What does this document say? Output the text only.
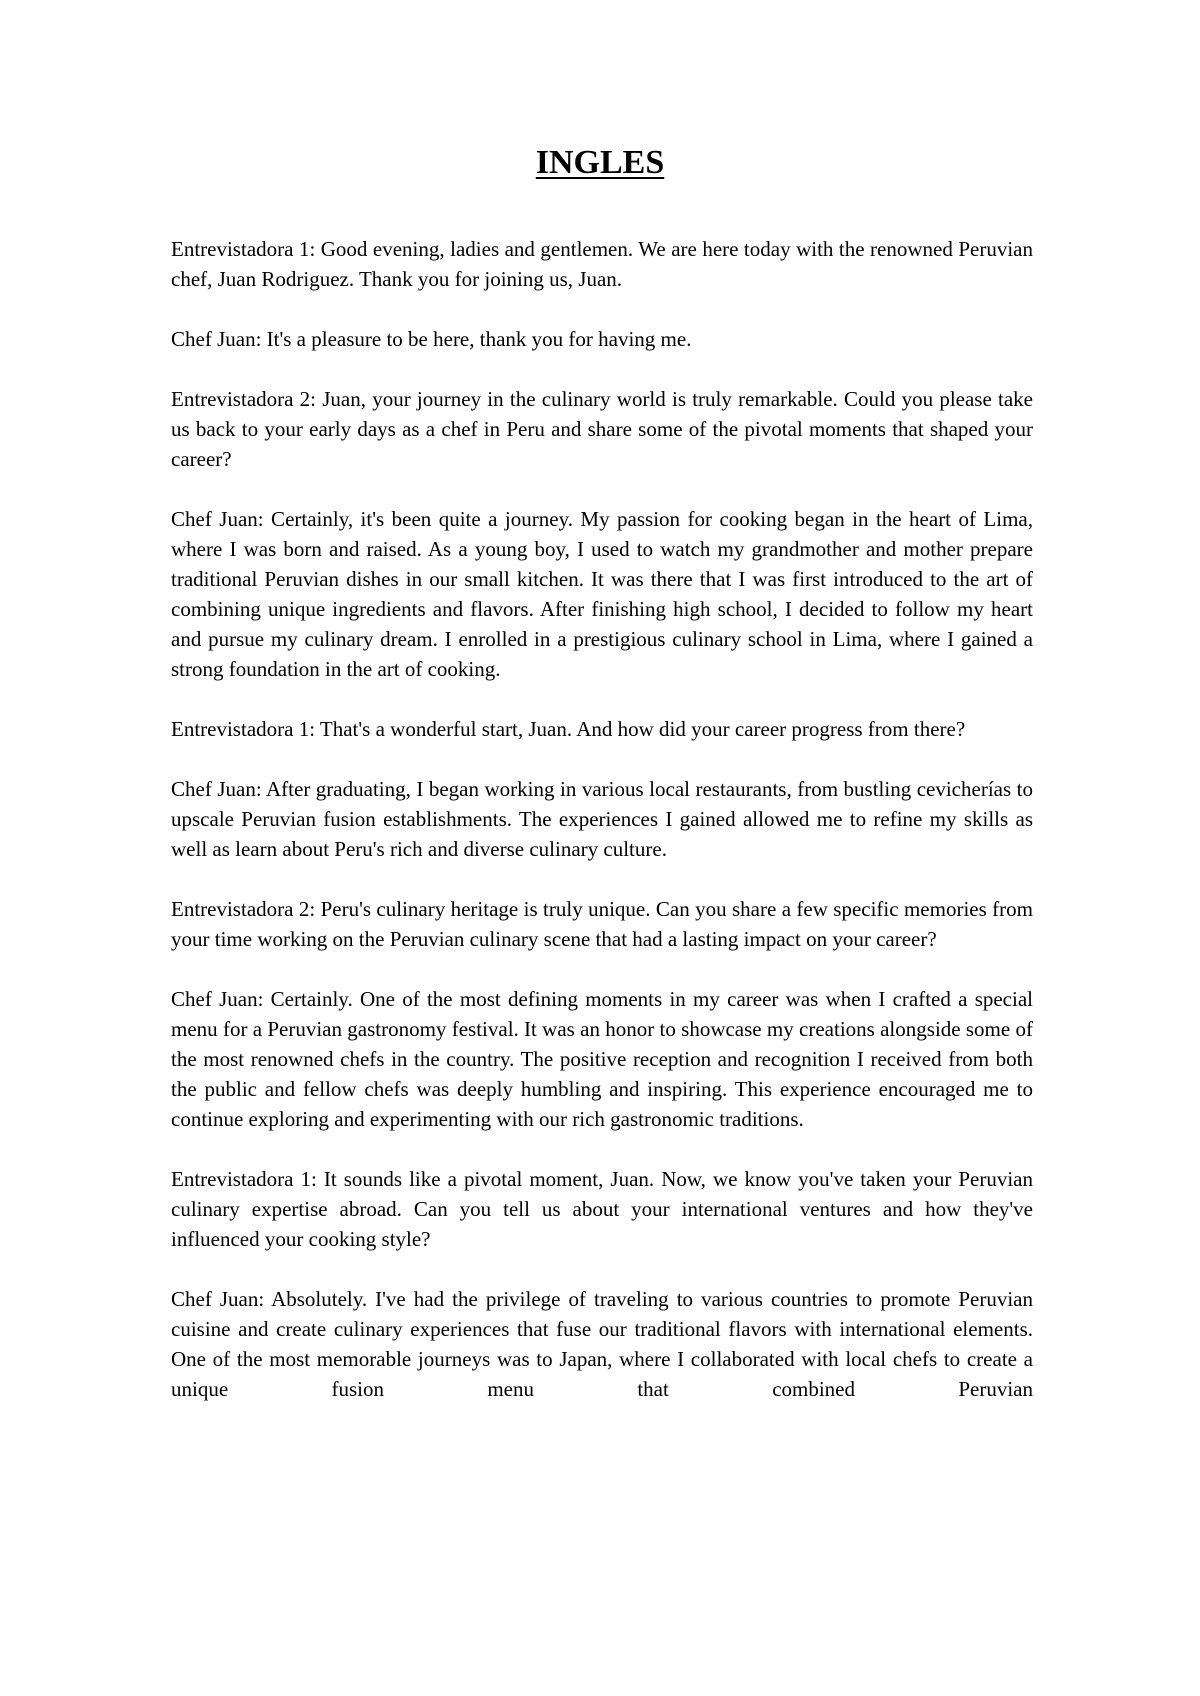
INGLES

Entrevistadora 1: Good evening, ladies and gentlemen. We are here today with the renowned Peruvian chef, Juan Rodriguez. Thank you for joining us, Juan.

Chef Juan: It's a pleasure to be here, thank you for having me.

Entrevistadora 2: Juan, your journey in the culinary world is truly remarkable. Could you please take us back to your early days as a chef in Peru and share some of the pivotal moments that shaped your career?

Chef Juan: Certainly, it's been quite a journey. My passion for cooking began in the heart of Lima, where I was born and raised. As a young boy, I used to watch my grandmother and mother prepare traditional Peruvian dishes in our small kitchen. It was there that I was first introduced to the art of combining unique ingredients and flavors. After finishing high school, I decided to follow my heart and pursue my culinary dream. I enrolled in a prestigious culinary school in Lima, where I gained a strong foundation in the art of cooking.

Entrevistadora 1: That's a wonderful start, Juan. And how did your career progress from there?

Chef Juan: After graduating, I began working in various local restaurants, from bustling cevicherías to upscale Peruvian fusion establishments. The experiences I gained allowed me to refine my skills as well as learn about Peru's rich and diverse culinary culture.

Entrevistadora 2: Peru's culinary heritage is truly unique. Can you share a few specific memories from your time working on the Peruvian culinary scene that had a lasting impact on your career?

Chef Juan: Certainly. One of the most defining moments in my career was when I crafted a special menu for a Peruvian gastronomy festival. It was an honor to showcase my creations alongside some of the most renowned chefs in the country. The positive reception and recognition I received from both the public and fellow chefs was deeply humbling and inspiring. This experience encouraged me to continue exploring and experimenting with our rich gastronomic traditions.

Entrevistadora 1: It sounds like a pivotal moment, Juan. Now, we know you've taken your Peruvian culinary expertise abroad. Can you tell us about your international ventures and how they've influenced your cooking style?

Chef Juan: Absolutely. I've had the privilege of traveling to various countries to promote Peruvian cuisine and create culinary experiences that fuse our traditional flavors with international elements. One of the most memorable journeys was to Japan, where I collaborated with local chefs to create a unique fusion menu that combined Peruvian
